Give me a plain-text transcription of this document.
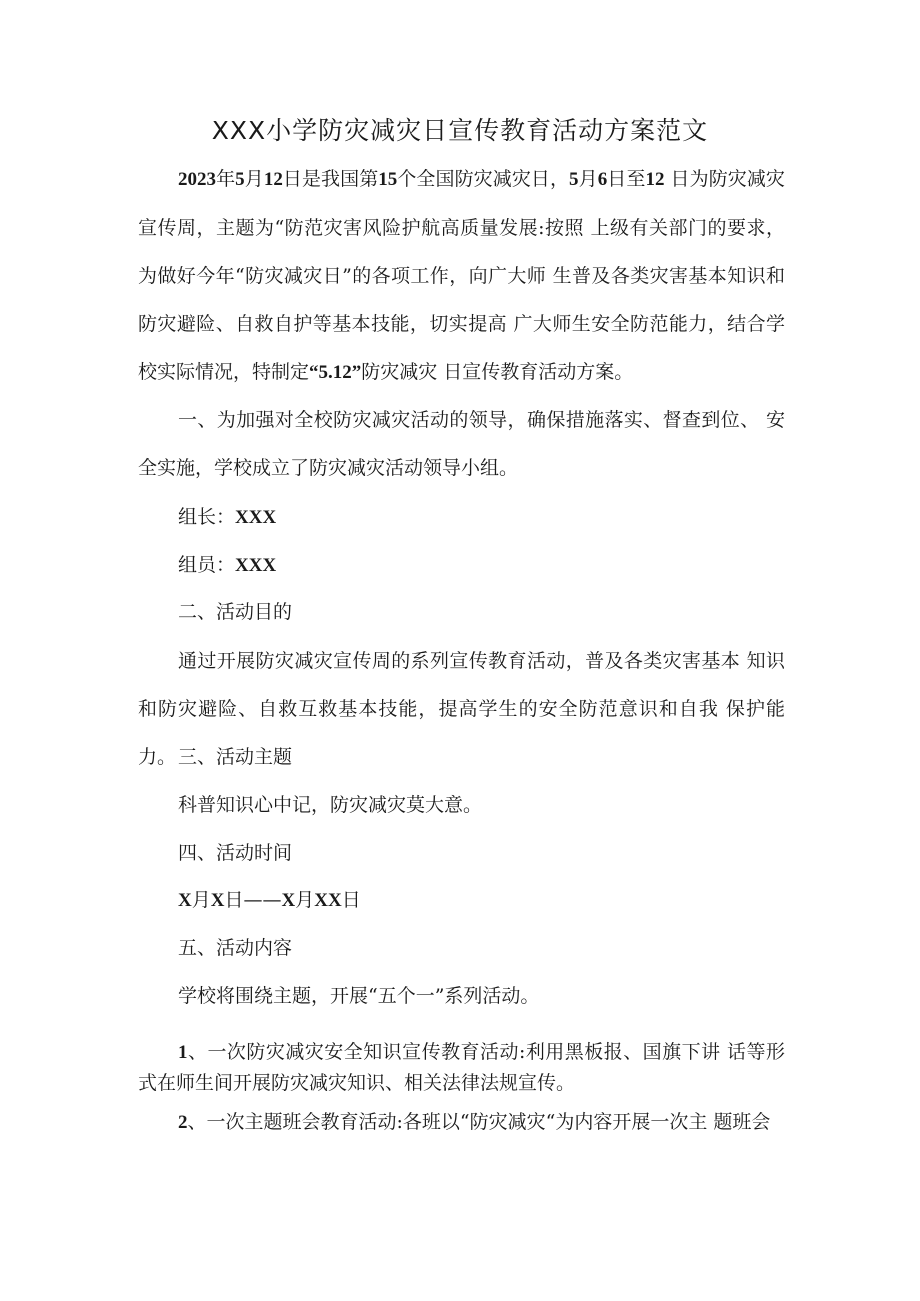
XXX小学防灾减灾日宣传教育活动方案范文

2023年5月12日是我国第15个全国防灾减灾日，5月6日至12 日为防灾减灾宣传周，主题为“防范灾害风险护航高质量发展:按照 上级有关部门的要求，为做好今年“防灾减灾日”的各项工作，向广大师 生普及各类灾害基本知识和防灾避险、自救自护等基本技能，切实提高 广大师生安全防范能力，结合学校实际情况，特制定“5.12”防灾减灾 日宣传教育活动方案。

一、为加强对全校防灾减灾活动的领导，确保措施落实、督查到位、 安全实施，学校成立了防灾减灾活动领导小组。

组长：XXX
组员：XXX
二、活动目的

通过开展防灾减灾宣传周的系列宣传教育活动，普及各类灾害基本 知识和防灾避险、自救互救基本技能，提高学生的安全防范意识和自我 保护能力。 三、活动主题
科普知识心中记，防灾减灾莫大意。
四、活动时间
X月X日——X月XX日
五、活动内容
学校将围绕主题，开展“五个一”系列活动。

1、一次防灾减灾安全知识宣传教育活动:利用黑板报、国旗下讲 话等形式在师生间开展防灾减灾知识、相关法律法规宣传。

2、一次主题班会教育活动:各班以“防灾减灾“为内容开展一次主 题班会
